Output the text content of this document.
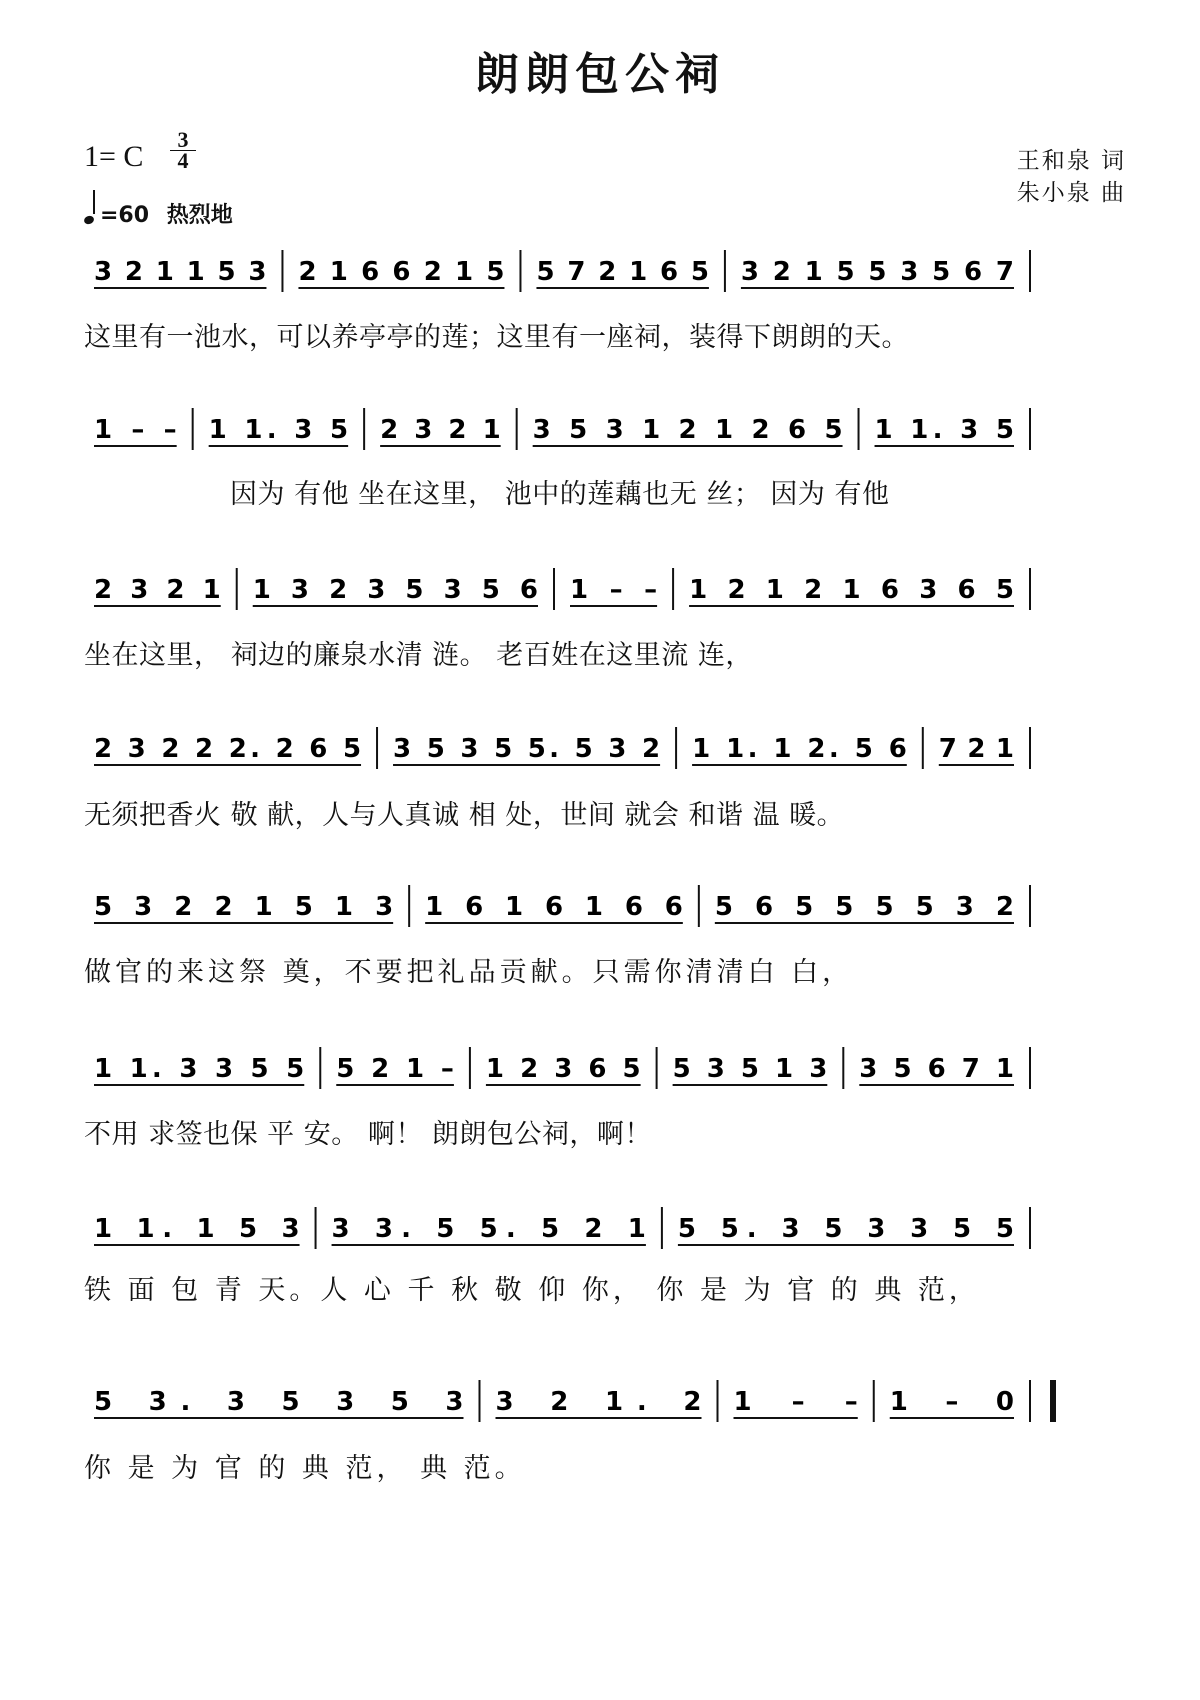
朗朗包公祠
1= C
3
4
=60 热烈地
王和泉 词
朱小泉 曲
3 2 1 1 5 3 2 1 6 6 2 1 5 5 7 2 1 6 5 3 2 1 5 5 3 5 6 7
1 – – 1 1. 3 5 2 3 2 1 3 5 3 1 2 1 2 6 5 1 1. 3 5
2 3 2 1 1 3 2 3 5 3 5 6 1 – – 1 2 1 2 1 6 3 6 5
2 3 2 2 2. 2 6 5 3 5 3 5 5. 5 3 2 1 1. 1 2. 5 6 7 2 1
5 3 2 2 1 5 1 3 1 6 1 6 1 6 6 5 6 5 5 5 5 3 2
1 1. 3 3 5 5 5 2 1 – 1 2 3 6 5 5 3 5 1 3 3 5 6 7 1
1 1. 1 5 3 3 3. 5 5. 5 2 1 5 5. 3 5 3 3 5 5
5 3. 3 5 3 5 3 3 2 1. 2 1 – – 1 – 0
这里有一池水，可以养亭亭的莲；这里有一座祠，装得下朗朗的天。
因为 有他 坐在这里， 池中的莲藕也无 丝； 因为 有他
坐在这里， 祠边的廉泉水清 涟。 老百姓在这里流 连，
无须把香火 敬 献，人与人真诚 相 处，世间 就会 和谐 温 暖。
做官的来这祭 奠，不要把礼品贡献。只需你清清白 白，
不用 求签也保 平 安。 啊！ 朗朗包公祠，啊！
铁 面 包 青 天。人 心 千 秋 敬 仰 你， 你 是 为 官 的 典 范，
你 是 为 官 的 典 范， 典 范。
